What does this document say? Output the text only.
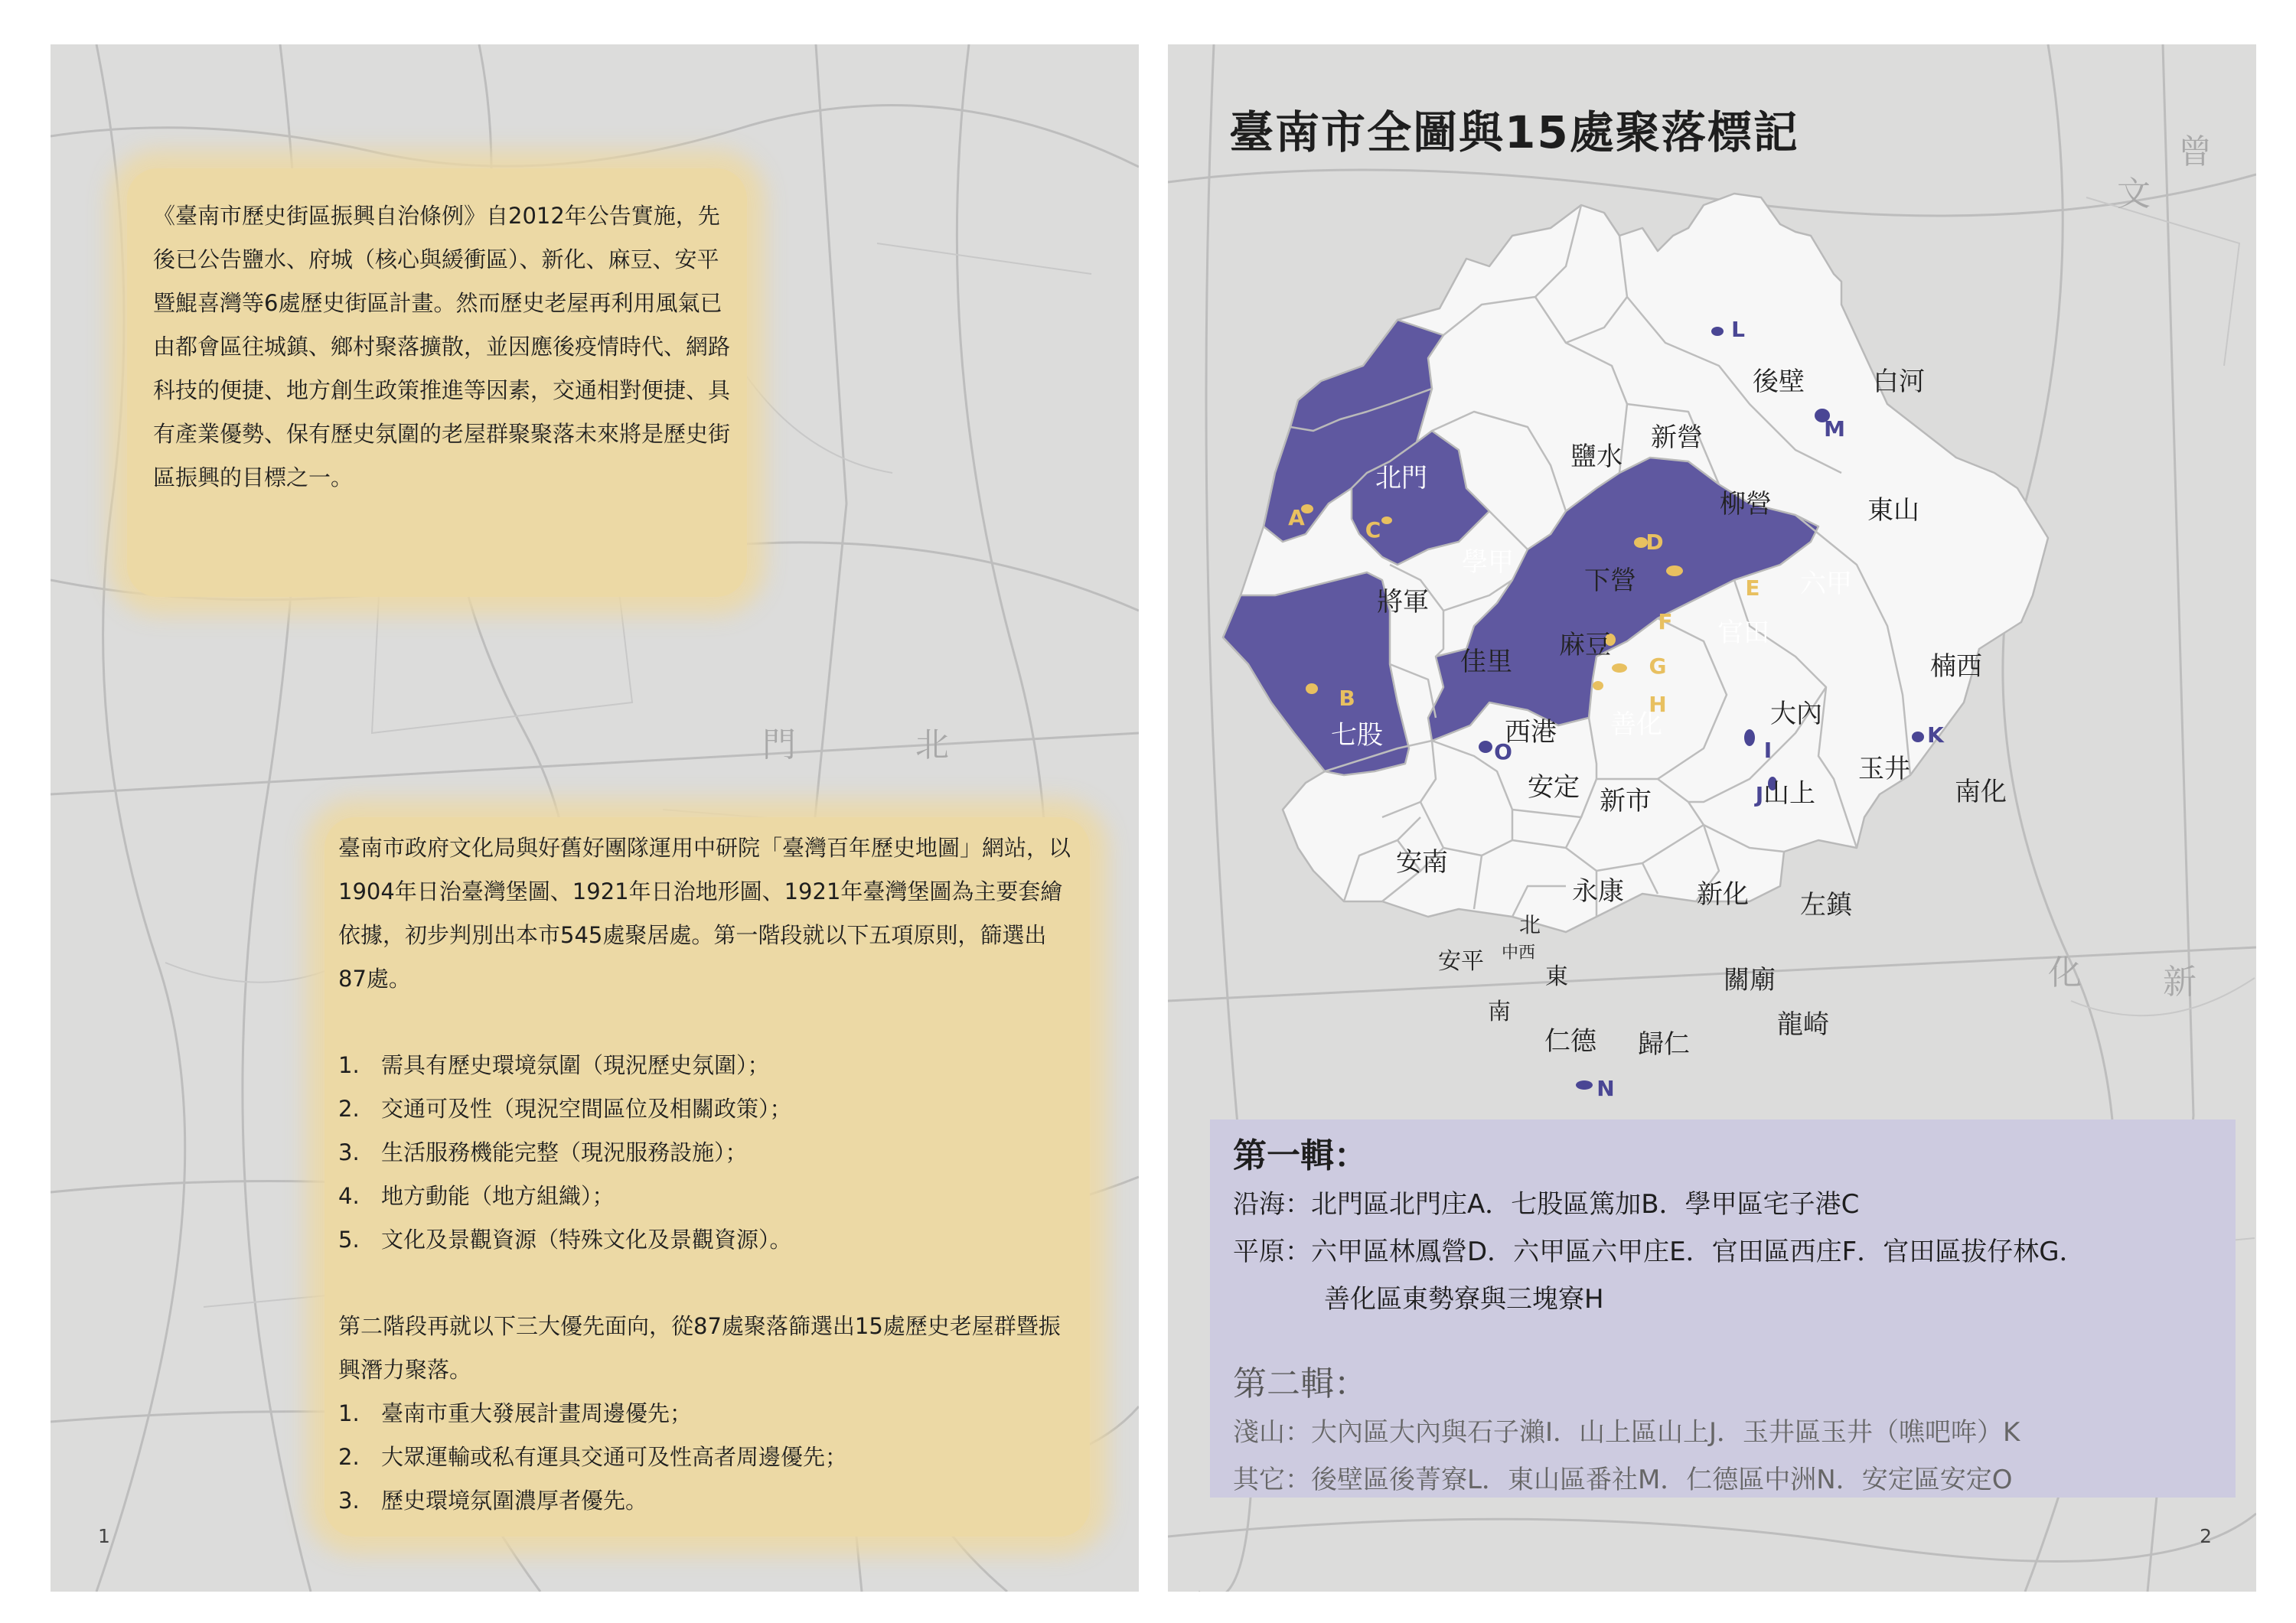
門	北

《臺南市歷史街區振興自治條例》自2012年公告實施，先後已公告鹽水、府城（核心與緩衝區）、新化、麻豆、安平暨鯤喜灣等6處歷史街區計畫。然而歷史老屋再利用風氣已由都會區往城鎮、鄉村聚落擴散，並因應後疫情時代、網路科技的便捷、地方創生政策推進等因素，交通相對便捷、具有產業優勢、保有歷史氛圍的老屋群聚聚落未來將是歷史街區振興的目標之一。

臺南市政府文化局與好舊好團隊運用中研院「臺灣百年歷史地圖」網站，以1904年日治臺灣堡圖、1921年日治地形圖、1921年臺灣堡圖為主要套繪依據，初步判別出本市545處聚居處。第一階段就以下五項原則，篩選出87處。

1. 需具有歷史環境氛圍（現況歷史氛圍）；
2. 交通可及性（現況空間區位及相關政策）；
3. 生活服務機能完整（現況服務設施）；
4. 地方動能（地方組織）；
5. 文化及景觀資源（特殊文化及景觀資源）。

第二階段再就以下三大優先面向，從87處聚落篩選出15處歷史老屋群暨振興潛力聚落。

1. 臺南市重大發展計畫周邊優先；
2. 大眾運輸或私有運具交通可及性高者周邊優先；
3. 歷史環境氛圍濃厚者優先。
1
文
曾
化 新
臺南市全圖與15處聚落標記
後壁	白河
鹽水
新營
北門
柳營	東山
學甲
下營	六甲
將軍
官田
麻豆
佳里	楠西
大內
善化
西港
七股
玉井
安定	山上
新市	南化
安南
永康	新化 左鎮
北
中西
安平
東
南
關廟
龍崎
仁德 歸仁
A
B
C	D
E
F
G
H
I
J
K
L
M
N
O
第一輯：
沿海： 北門區北門庄A．七股區篤加B．學甲區宅子港C
平原： 六甲區林鳳營D．六甲區六甲庄E．官田區西庄F．官田區拔仔林G．
善化區東勢寮與三塊寮H
第二輯：
淺山： 大內區大內與石子瀨I．山上區山上J．玉井區玉井（噍吧哖）K
其它： 後壁區後菁寮L．東山區番社M．仁德區中洲N．安定區安定O
2
